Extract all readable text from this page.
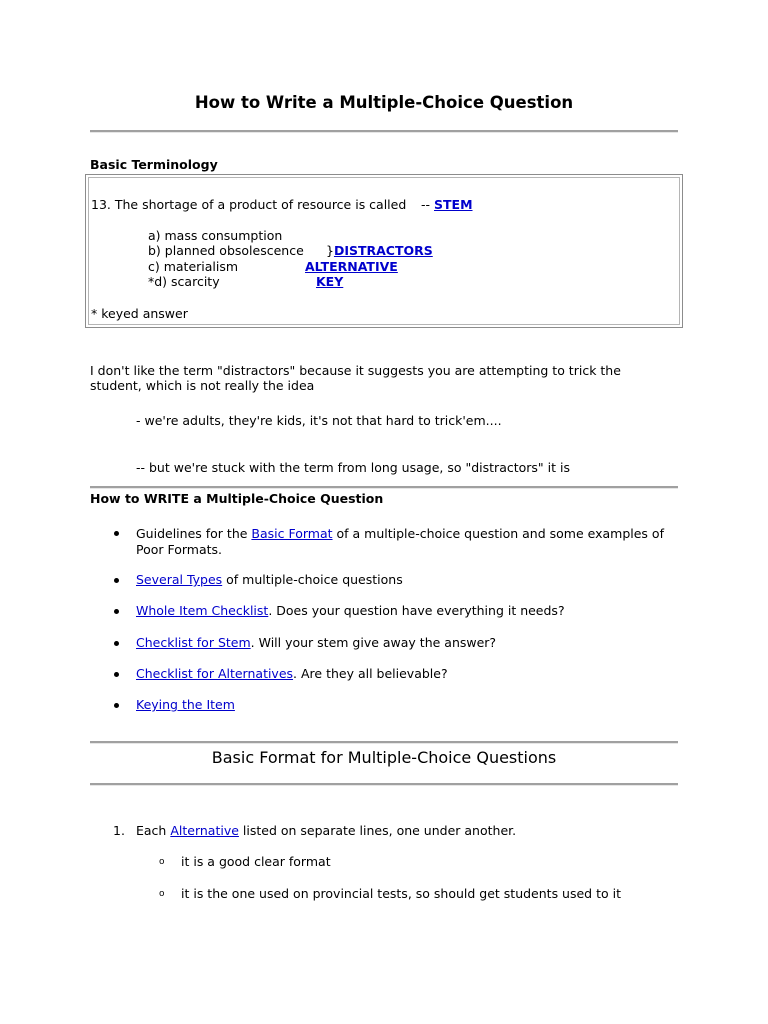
How to Write a Multiple-Choice Question
Basic Terminology
13. The shortage of a product of resource is called -- STEM
a) mass consumption
b) planned obsolescence
c) materialism
*d) scarcity
}DISTRACTORS
ALTERNATIVE
KEY
* keyed answer
I don't like the term "distractors" because it suggests you are attempting to trick the
student, which is not really the idea
- we're adults, they're kids, it's not that hard to trick'em....
-- but we're stuck with the term from long usage, so "distractors" it is
How to WRITE a Multiple-Choice Question
Guidelines for the Basic Format of a multiple-choice question and some examples of
Poor Formats.
Several Types of multiple-choice questions
Whole Item Checklist. Does your question have everything it needs?
Checklist for Stem. Will your stem give away the answer?
Checklist for Alternatives. Are they all believable?
Keying the Item
Basic Format for Multiple-Choice Questions
1. Each Alternative listed on separate lines, one under another.
o it is a good clear format
o it is the one used on provincial tests, so should get students used to it
